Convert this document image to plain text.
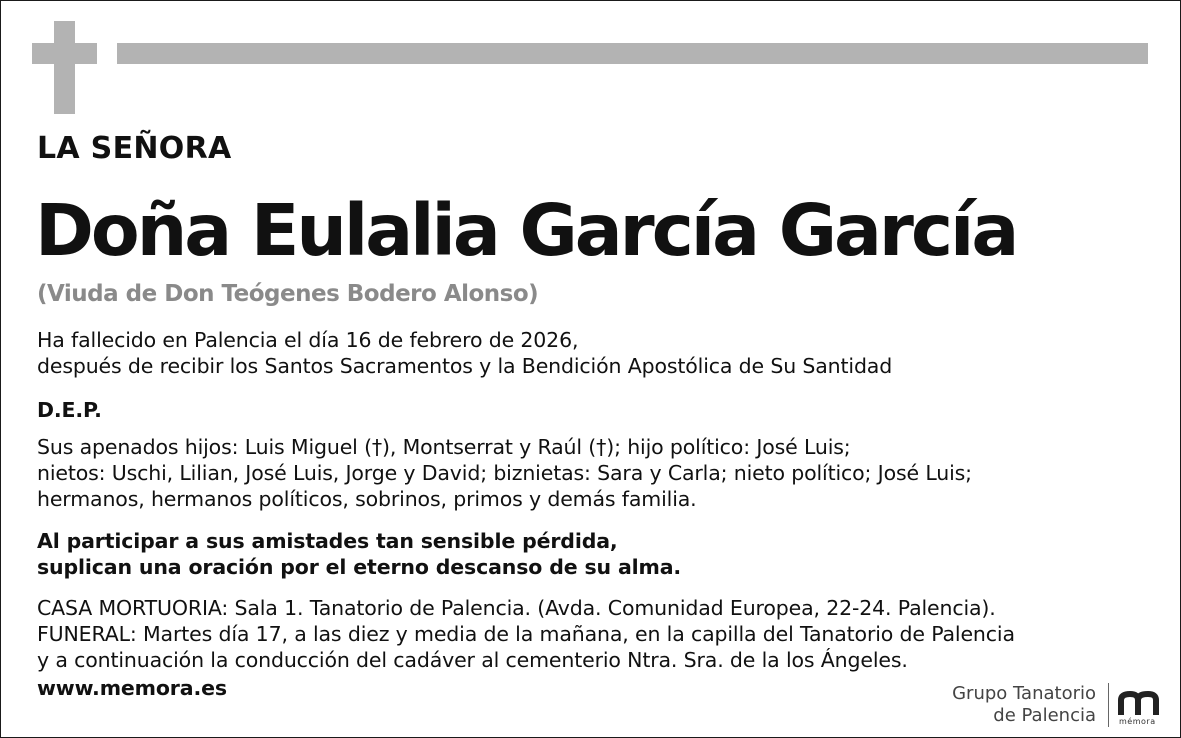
LA SEÑORA
Doña Eulalia García García
(Viuda de Don Teógenes Bodero Alonso)
Ha fallecido en Palencia el día 16 de febrero de 2026,
después de recibir los Santos Sacramentos y la Bendición Apostólica de Su Santidad
D.E.P.
Sus apenados hijos: Luis Miguel (†), Montserrat y Raúl (†); hijo político: José Luis;
nietos: Uschi, Lilian, José Luis, Jorge y David; biznietas: Sara y Carla; nieto político; José Luis;
hermanos, hermanos políticos, sobrinos, primos y demás familia.
Al participar a sus amistades tan sensible pérdida,
suplican una oración por el eterno descanso de su alma.
CASA MORTUORIA: Sala 1. Tanatorio de Palencia. (Avda. Comunidad Europea, 22-24. Palencia).
FUNERAL: Martes día 17, a las diez y media de la mañana, en la capilla del Tanatorio de Palencia
y a continuación la conducción del cadáver al cementerio Ntra. Sra. de la los Ángeles.
www.memora.es	Grupo Tanatorio
de Palencia	mémora
